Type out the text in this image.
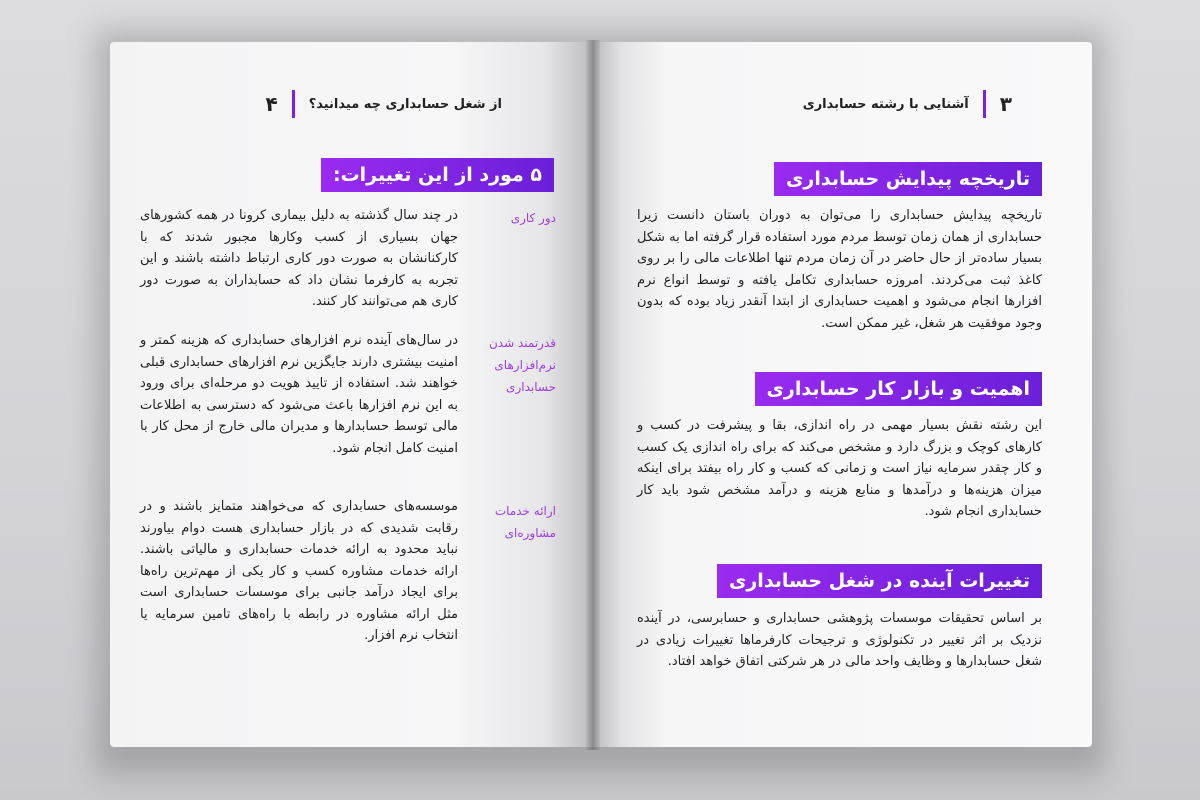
از شغل حسابداری چه میدانید؟
۴
۵ مورد از این تغییرات:
دور کاری
در چند سال گذشته به دلیل بیماری کرونا در همه کشورهای جهان بسیاری از کسب وکارها مجبور شدند که با کارکنانشان به صورت دور کاری ارتباط داشته باشند و این تجربه به کارفرما نشان داد که حسابداران به صورت دور کاری هم می‌توانند کار کنند.
قدرتمند شدن نرم‌افزارهای حسابداری
در سال‌های آینده نرم افزارهای حسابداری که هزینه کمتر و امنیت بیشتری دارند جایگزین نرم افزارهای حسابداری قبلی خواهند شد. استفاده از تایید هویت دو مرحله‌ای برای ورود به این نرم افزارها باعث می‌شود که دسترسی به اطلاعات مالی توسط حسابدارها و مدیران مالی خارج از محل کار با امنیت کامل انجام شود.
ارائه خدمات مشاوره‌ای
موسسه‌های حسابداری که می‌خواهند متمایز باشند و در رقابت شدیدی که در بازار حسابداری هست دوام بیاورند نباید محدود به ارائه خدمات حسابداری و مالیاتی باشند. ارائه خدمات مشاوره کسب و کار یکی از مهم‌ترین راه‌ها برای ایجاد درآمد جانبی برای موسسات حسابداری است مثل ارائه مشاوره در رابطه با راه‌های تامین سرمایه یا انتخاب نرم افزار.
۳
آشنایی با رشته حسابداری
تاریخچه پیدایش حسابداری
تاریخچه پیدایش حسابداری را می‌توان به دوران باستان دانست زیرا حسابداری از همان زمان توسط مردم مورد استفاده قرار گرفته اما به شکل بسیار ساده‌تر از حال حاضر در آن زمان مردم تنها اطلاعات مالی را بر روی کاغذ ثبت می‌کردند. امروزه حسابداری تکامل یافته و توسط انواع نرم افزارها انجام می‌شود و اهمیت حسابداری از ابتدا آنقدر زیاد بوده که بدون وجود موفقیت هر شغل، غیر ممکن است.
اهمیت و بازار کار حسابداری
این رشته نقش بسیار مهمی در راه اندازی، بقا و پیشرفت در کسب و کارهای کوچک و بزرگ دارد و مشخص می‌کند که برای راه اندازی یک کسب و کار چقدر سرمایه نیاز است و زمانی که کسب و کار راه بیفتد برای اینکه میزان هزینه‌ها و درآمدها و منابع هزینه و درآمد مشخص شود باید کار حسابداری انجام شود.
تغییرات آینده در شغل حسابداری
بر اساس تحقیقات موسسات پژوهشی حسابداری و حسابرسی، در آینده نزدیک بر اثر تغییر در تکنولوژی و ترجیحات کارفرماها تغییرات زیادی در شغل حسابدارها و وظایف واحد مالی در هر شرکتی اتفاق خواهد افتاد.
